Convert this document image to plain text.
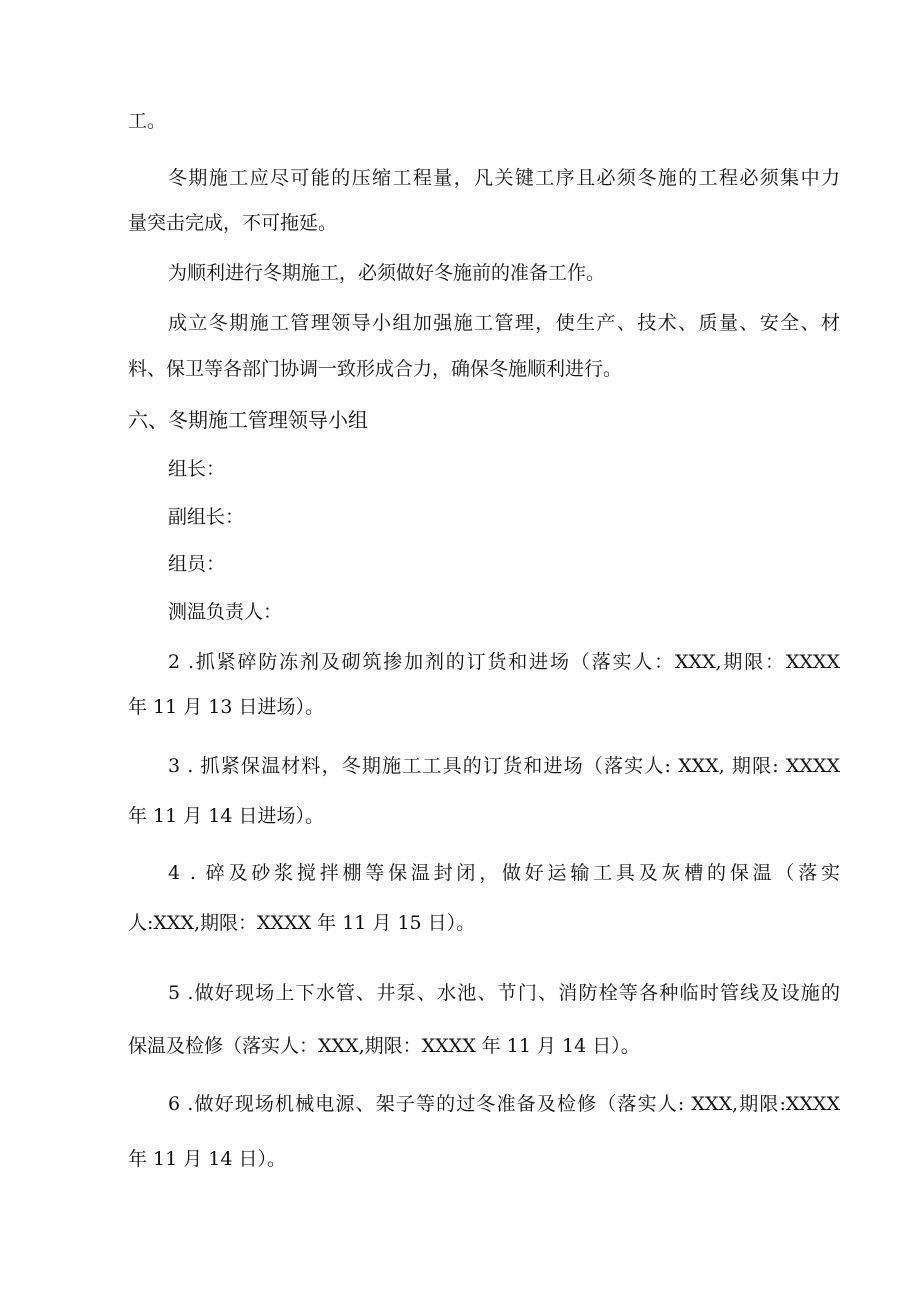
工。

冬期施工应尽可能的压缩工程量，凡关键工序且必须冬施的工程必须集中力

量突击完成，不可拖延。

为顺利进行冬期施工，必须做好冬施前的准备工作。

成立冬期施工管理领导小组加强施工管理，使生产、技术、质量、安全、材

料、保卫等各部门协调一致形成合力，确保冬施顺利进行。

六、冬期施工管理领导小组

组长：

副组长：

组员：

测温负责人：

2 .抓紧碎防冻剂及砌筑掺加剂的订货和进场（落实人：XXX,期限：XXXX

年 11 月 13 日进场）。

3 . 抓紧保温材料，冬期施工工具的订货和进场（落实人: XXX, 期限: XXXX

年 11 月 14 日进场）。

4 . 碎及砂浆搅拌棚等保温封闭，做好运输工具及灰槽的保温（落实

人:XXX,期限：XXXX 年 11 月 15 日）。

5 .做好现场上下水管、井泵、水池、节门、消防栓等各种临时管线及设施的

保温及检修（落实人：XXX,期限：XXXX 年 11 月 14 日）。

6 .做好现场机械电源、架子等的过冬准备及检修（落实人: XXX,期限:XXXX

年 11 月 14 日）。
